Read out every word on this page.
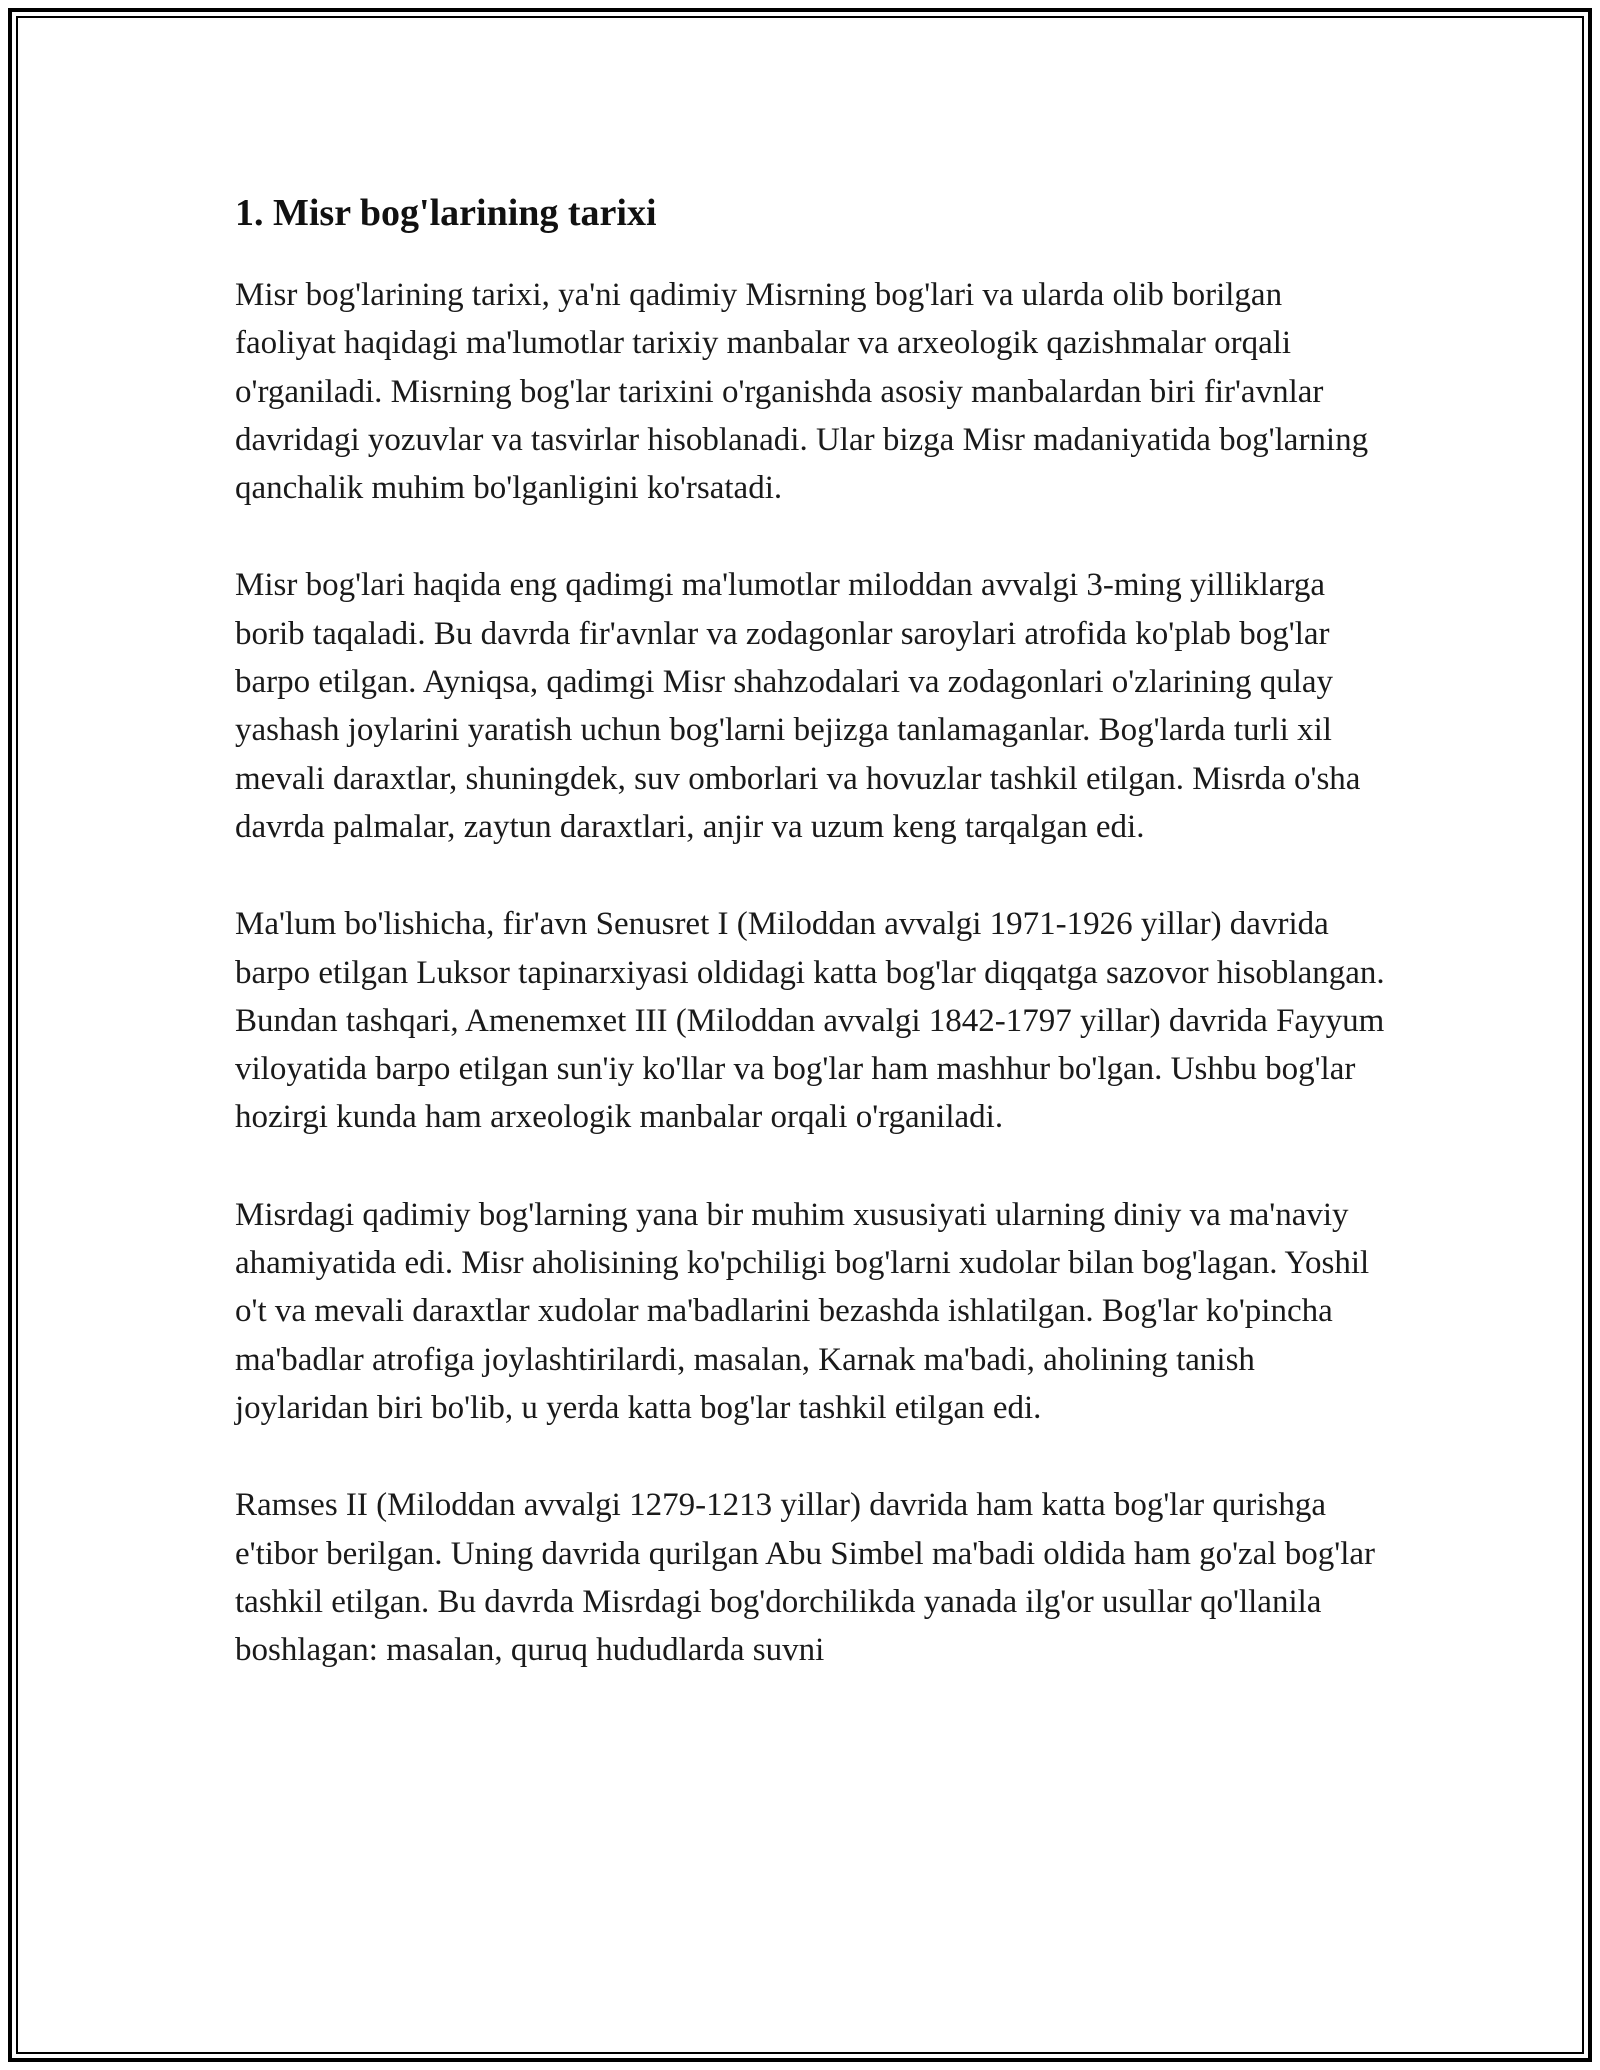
1. Misr bog'larining tarixi

Misr bog'larining tarixi, ya'ni qadimiy Misrning bog'lari va ularda olib borilgan faoliyat haqidagi ma'lumotlar tarixiy manbalar va arxeologik qazishmalar orqali o'rganiladi. Misrning bog'lar tarixini o'rganishda asosiy manbalardan biri fir'avnlar davridagi yozuvlar va tasvirlar hisoblanadi. Ular bizga Misr madaniyatida bog'larning qanchalik muhim bo'lganligini ko'rsatadi.

Misr bog'lari haqida eng qadimgi ma'lumotlar miloddan avvalgi 3-ming yilliklarga borib taqaladi. Bu davrda fir'avnlar va zodagonlar saroylari atrofida ko'plab bog'lar barpo etilgan. Ayniqsa, qadimgi Misr shahzodalari va zodagonlari o'zlarining qulay yashash joylarini yaratish uchun bog'larni bejizga tanlamaganlar. Bog'larda turli xil mevali daraxtlar, shuningdek, suv omborlari va hovuzlar tashkil etilgan. Misrda o'sha davrda palmalar, zaytun daraxtlari, anjir va uzum keng tarqalgan edi.

Ma'lum bo'lishicha, fir'avn Senusret I (Miloddan avvalgi 1971-1926 yillar) davrida barpo etilgan Luksor tapinarxiyasi oldidagi katta bog'lar diqqatga sazovor hisoblangan. Bundan tashqari, Amenemxet III (Miloddan avvalgi 1842-1797 yillar) davrida Fayyum viloyatida barpo etilgan sun'iy ko'llar va bog'lar ham mashhur bo'lgan. Ushbu bog'lar hozirgi kunda ham arxeologik manbalar orqali o'rganiladi.

Misrdagi qadimiy bog'larning yana bir muhim xususiyati ularning diniy va ma'naviy ahamiyatida edi. Misr aholisining ko'pchiligi bog'larni xudolar bilan bog'lagan. Yoshil o't va mevali daraxtlar xudolar ma'badlarini bezashda ishlatilgan. Bog'lar ko'pincha ma'badlar atrofiga joylashtirilardi, masalan, Karnak ma'badi, aholining tanish joylaridan biri bo'lib, u yerda katta bog'lar tashkil etilgan edi.

Ramses II (Miloddan avvalgi 1279-1213 yillar) davrida ham katta bog'lar qurishga e'tibor berilgan. Uning davrida qurilgan Abu Simbel ma'badi oldida ham go'zal bog'lar tashkil etilgan. Bu davrda Misrdagi bog'dorchilikda yanada ilg'or usullar qo'llanila boshlagan: masalan, quruq hududlarda suvni
